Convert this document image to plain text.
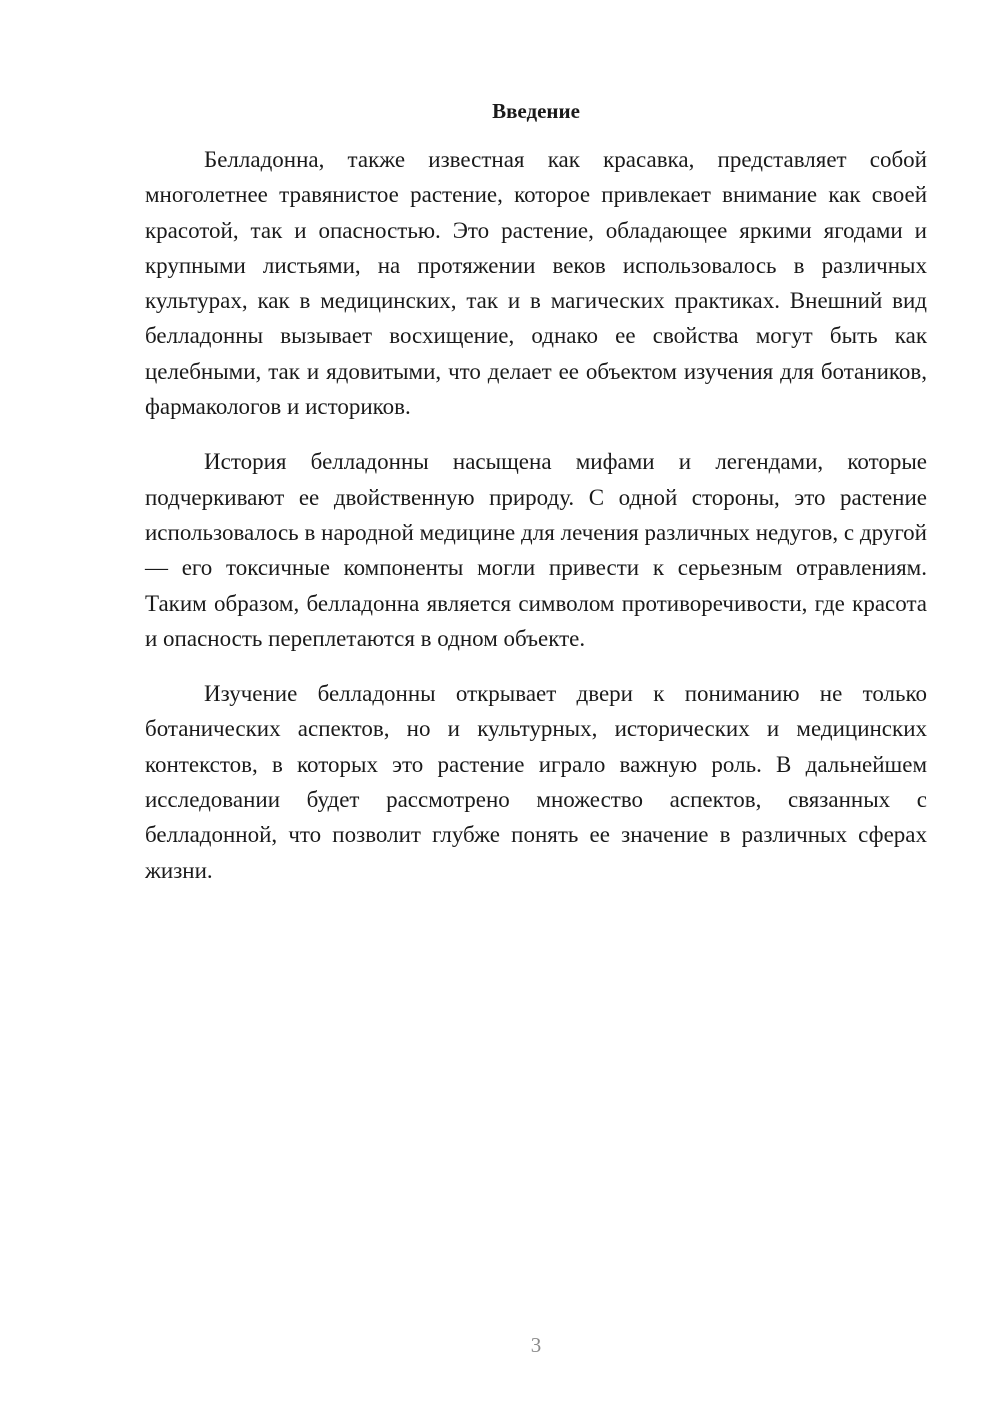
Введение

Белладонна, также известная как красавка, представляет собой многолетнее травянистое растение, которое привлекает внимание как своей красотой, так и опасностью. Это растение, обладающее яркими ягодами и крупными листьями, на протяжении веков использовалось в различных культурах, как в медицинских, так и в магических практиках. Внешний вид белладонны вызывает восхищение, однако ее свойства могут быть как целебными, так и ядовитыми, что делает ее объектом изучения для ботаников, фармакологов и историков.

История белладонны насыщена мифами и легендами, которые подчеркивают ее двойственную природу. С одной стороны, это растение использовалось в народной медицине для лечения различных недугов, с другой — его токсичные компоненты могли привести к серьезным отравлениям. Таким образом, белладонна является символом противоречивости, где красота и опасность переплетаются в одном объекте.

Изучение белладонны открывает двери к пониманию не только ботанических аспектов, но и культурных, исторических и медицинских контекстов, в которых это растение играло важную роль. В дальнейшем исследовании будет рассмотрено множество аспектов, связанных с белладонной, что позволит глубже понять ее значение в различных сферах жизни.

3
